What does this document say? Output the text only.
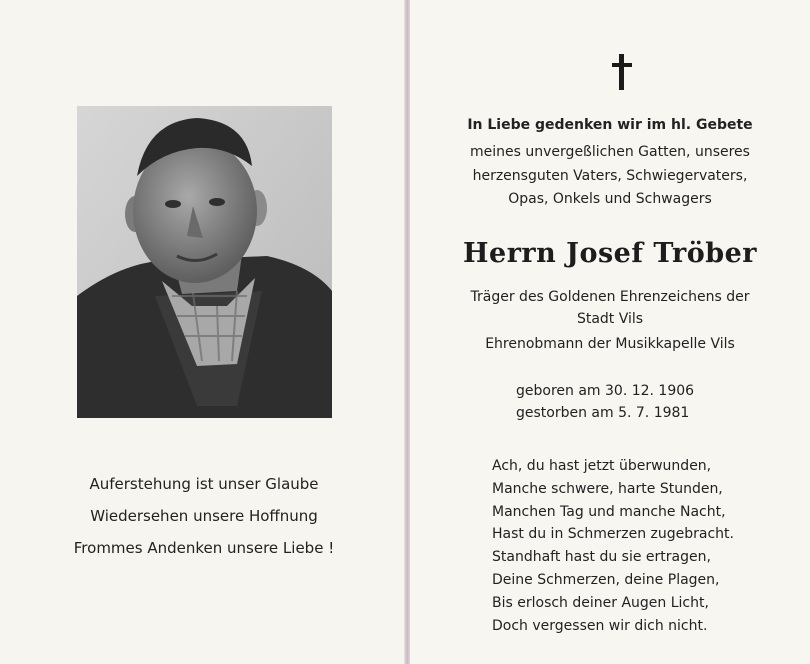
Auferstehung ist unser Glaube
Wiedersehen unsere Hoffnung
Frommes Andenken unsere Liebe !
In Liebe gedenken wir im hl. Gebete
meines unvergeßlichen Gatten, unseres
herzensguten Vaters, Schwiegervaters,
Opas, Onkels und Schwagers
Herrn Josef Tröber
Träger des Goldenen Ehrenzeichens der
Stadt Vils
Ehrenobmann der Musikkapelle Vils
geboren am 30. 12. 1906
gestorben am 5. 7. 1981
Ach, du hast jetzt überwunden,
Manche schwere, harte Stunden,
Manchen Tag und manche Nacht,
Hast du in Schmerzen zugebracht.
Standhaft hast du sie ertragen,
Deine Schmerzen, deine Plagen,
Bis erlosch deiner Augen Licht,
Doch vergessen wir dich nicht.
